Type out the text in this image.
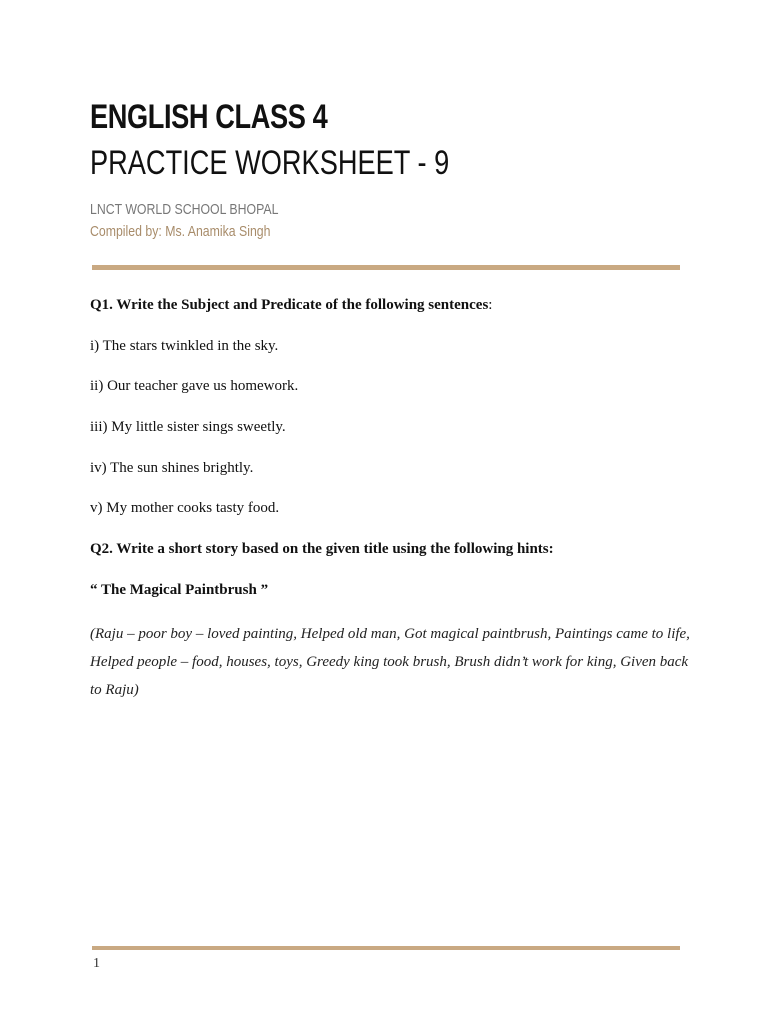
ENGLISH CLASS 4
PRACTICE WORKSHEET - 9
LNCT WORLD SCHOOL BHOPAL
Compiled by: Ms. Anamika Singh
Q1. Write the Subject and Predicate of the following sentences:
i) The stars twinkled in the sky.
ii) Our teacher gave us homework.
iii) My little sister sings sweetly.
iv) The sun shines brightly.
v) My mother cooks tasty food.
Q2. Write a short story based on the given title using the following hints:
“ The Magical Paintbrush ”
(Raju – poor boy – loved painting, Helped old man, Got magical paintbrush, Paintings came to life, Helped people – food, houses, toys, Greedy king took brush, Brush didn’t work for king, Given back to Raju)
1
